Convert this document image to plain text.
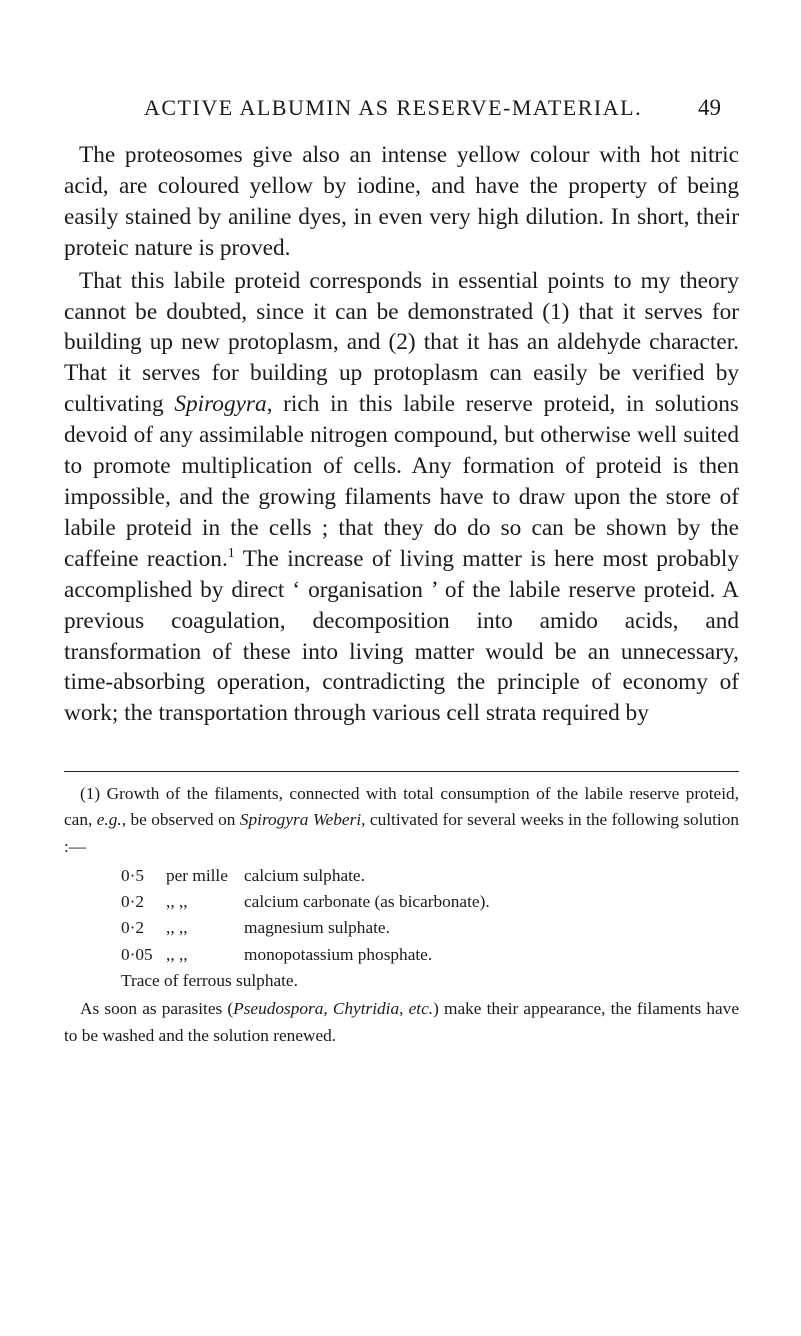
ACTIVE ALBUMIN AS RESERVE-MATERIAL. 49

The proteosomes give also an intense yellow colour with hot nitric acid, are coloured yellow by iodine, and have the property of being easily stained by aniline dyes, in even very high dilution. In short, their proteic nature is proved.

That this labile proteid corresponds in essential points to my theory cannot be doubted, since it can be demonstrated (1) that it serves for building up new protoplasm, and (2) that it has an aldehyde character. That it serves for building up protoplasm can easily be verified by cultivating Spirogyra, rich in this labile reserve proteid, in solutions devoid of any assimilable nitrogen compound, but otherwise well suited to promote multiplication of cells. Any formation of proteid is then impossible, and the growing filaments have to draw upon the store of labile proteid in the cells ; that they do do so can be shown by the caffeine reaction.$^1$ The increase of living matter is here most probably accomplished by direct ‘ organisation ’ of the labile reserve proteid. A previous coagulation, decomposition into amido acids, and transformation of these into living matter would be an unnecessary, time-absorbing operation, contradicting the principle of economy of work; the transportation through various cell strata required by

(1) Growth of the filaments, connected with total consumption of the labile reserve proteid, can, e.g., be observed on Spirogyra Weberi, cultivated for several weeks in the following solution :—

0·5	per mille calcium sulphate.
0·2	,, ,,	calcium carbonate (as bicarbonate).
0·2	,, ,,	magnesium sulphate.
0·05 ,, ,,	monopotassium phosphate.
Trace of ferrous sulphate.

As soon as parasites (Pseudospora, Chytridia, etc.) make their appearance, the filaments have to be washed and the solution renewed.
